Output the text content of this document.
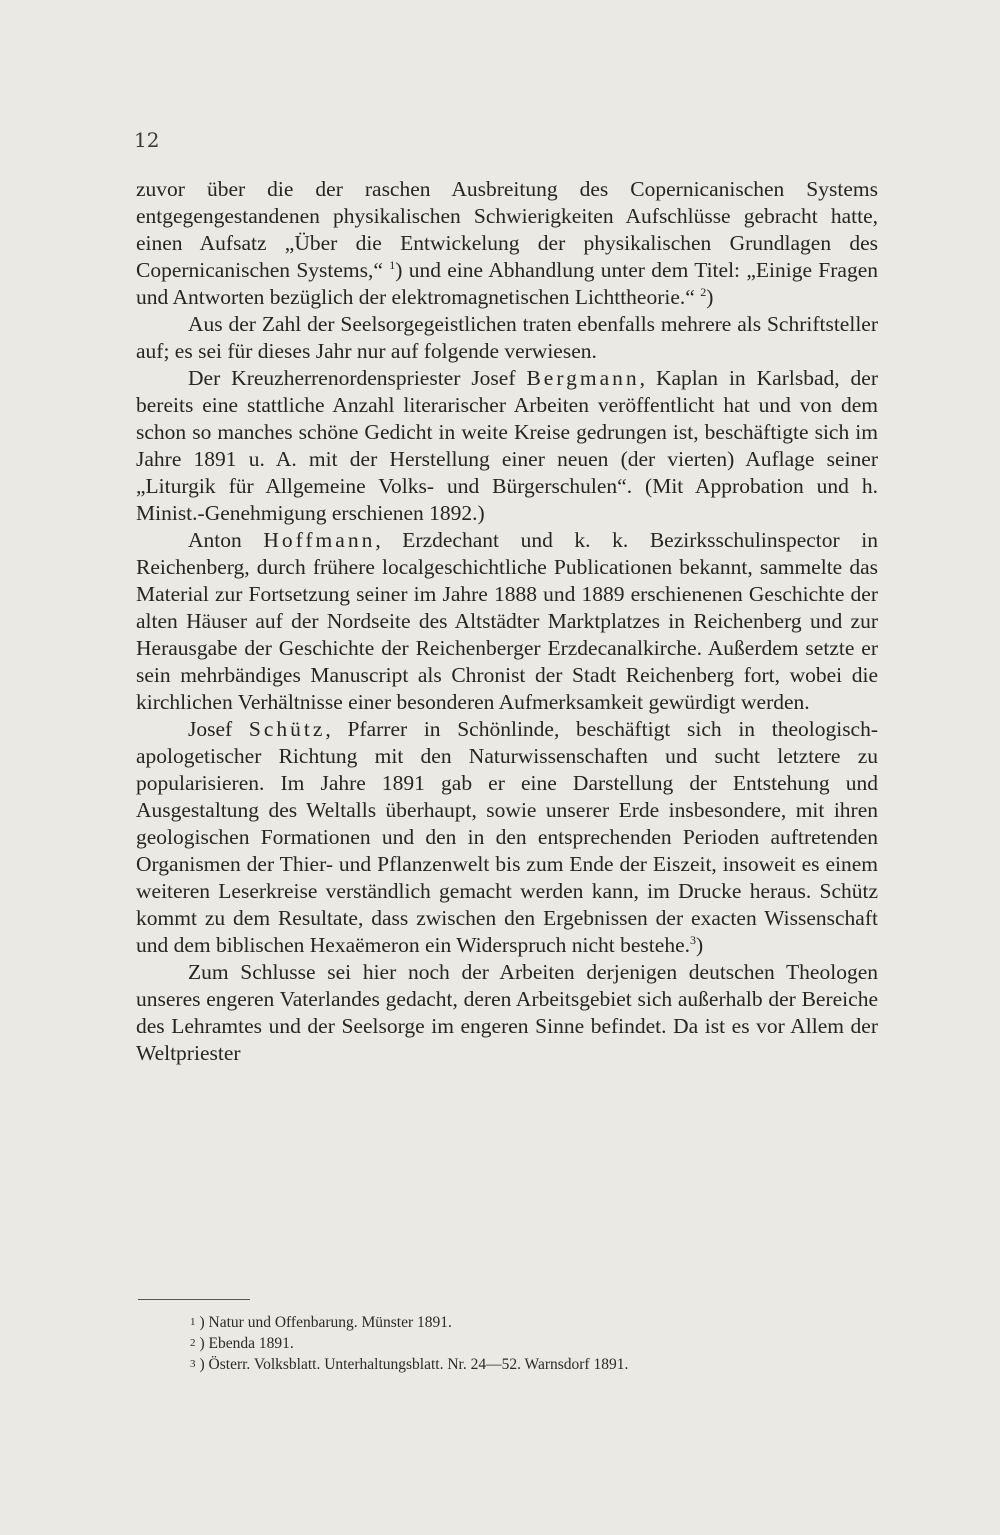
12

zuvor über die der raschen Ausbreitung des Copernicanischen Systems entgegengestandenen physikalischen Schwierigkeiten Aufschlüsse gebracht hatte, einen Aufsatz „Über die Entwickelung der physikalischen Grundlagen des Copernicanischen Systems,“ $^1$) und eine Abhandlung unter dem Titel: „Einige Fragen und Antworten bezüglich der elektromagnetischen Lichttheorie.“ $^2$)

Aus der Zahl der Seelsorgegeistlichen traten ebenfalls mehrere als Schriftsteller auf; es sei für dieses Jahr nur auf folgende verwiesen.

Der Kreuzherrenordenspriester Josef Bergmann, Kaplan in Karlsbad, der bereits eine stattliche Anzahl literarischer Arbeiten veröffentlicht hat und von dem schon so manches schöne Gedicht in weite Kreise gedrungen ist, beschäftigte sich im Jahre 1891 u. A. mit der Herstellung einer neuen (der vierten) Auflage seiner „Liturgik für Allgemeine Volks- und Bürgerschulen“. (Mit Approbation und h. Minist.-Genehmigung erschienen 1892.)

Anton Hoffmann, Erzdechant und k. k. Bezirksschulinspector in Reichenberg, durch frühere localgeschichtliche Publicationen bekannt, sammelte das Material zur Fortsetzung seiner im Jahre 1888 und 1889 erschienenen Geschichte der alten Häuser auf der Nordseite des Altstädter Marktplatzes in Reichenberg und zur Herausgabe der Geschichte der Reichenberger Erzdecanalkirche. Außerdem setzte er sein mehrbändiges Manuscript als Chronist der Stadt Reichenberg fort, wobei die kirchlichen Verhältnisse einer besonderen Aufmerksamkeit gewürdigt werden.

Josef Schütz, Pfarrer in Schönlinde, beschäftigt sich in theologisch-apologetischer Richtung mit den Naturwissenschaften und sucht letztere zu popularisieren. Im Jahre 1891 gab er eine Darstellung der Entstehung und Ausgestaltung des Weltalls überhaupt, sowie unserer Erde insbesondere, mit ihren geologischen Formationen und den in den entsprechenden Perioden auftretenden Organismen der Thier- und Pflanzenwelt bis zum Ende der Eiszeit, insoweit es einem weiteren Leserkreise verständlich gemacht werden kann, im Drucke heraus. Schütz kommt zu dem Resultate, dass zwischen den Ergebnissen der exacten Wissenschaft und dem biblischen Hexaëmeron ein Widerspruch nicht bestehe.$^3$)

Zum Schlusse sei hier noch der Arbeiten derjenigen deutschen Theologen unseres engeren Vaterlandes gedacht, deren Arbeitsgebiet sich außerhalb der Bereiche des Lehramtes und der Seelsorge im engeren Sinne befindet. Da ist es vor Allem der Weltpriester

1 ) Natur und Offenbarung. Münster 1891.
2 ) Ebenda 1891.
3 ) Österr. Volksblatt. Unterhaltungsblatt. Nr. 24—52. Warnsdorf 1891.
